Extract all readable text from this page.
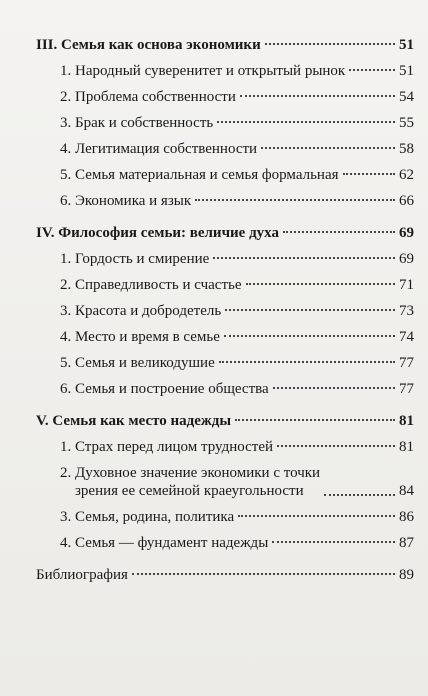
III. Семья как основа экономики	51
1. Народный суверенитет и открытый рынок	51
2. Проблема собственности	54
3. Брак и собственность	55
4. Легитимация собственности	58
5. Семья материальная и семья формальная	62
6. Экономика и язык	66
IV. Философия семьи: величие духа	69
1. Гордость и смирение	69
2. Справедливость и счастье	71
3. Красота и добродетель	73
4. Место и время в семье	74
5. Семья и великодушие	77
6. Семья и построение общества	77
V. Семья как место надежды	81
1. Страх перед лицом трудностей	81
2. Духовное значение экономики с точки
зрения ее семейной краеугольности	84
3. Семья, родина, политика	86
4. Семья — фундамент надежды	87
Библиография	89
